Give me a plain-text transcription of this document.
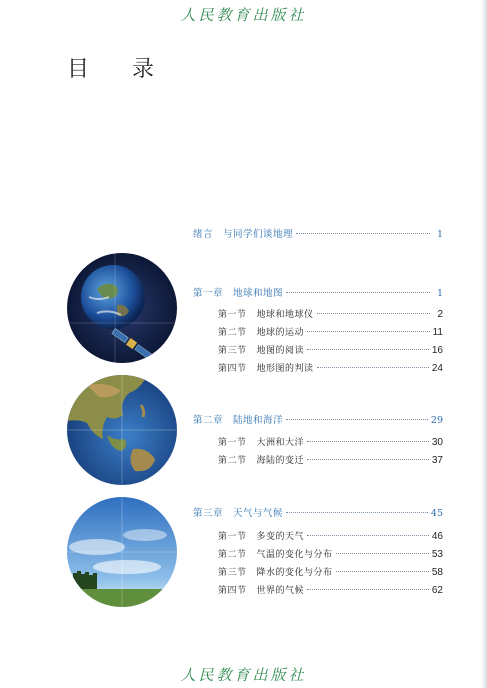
人民教育出版社
目 录
绪言 与同学们谈地理	1
第一章 地球和地图	1
第一节 地球和地球仪	2
第二节 地球的运动	11
第三节 地图的阅读	16
第四节 地形图的判读	24
第二章 陆地和海洋	29
第一节 大洲和大洋	30
第二节 海陆的变迁	37
第三章 天气与气候	45
第一节 多变的天气	46
第二节 气温的变化与分布	53
第三节 降水的变化与分布	58
第四节 世界的气候	62
人民教育出版社
